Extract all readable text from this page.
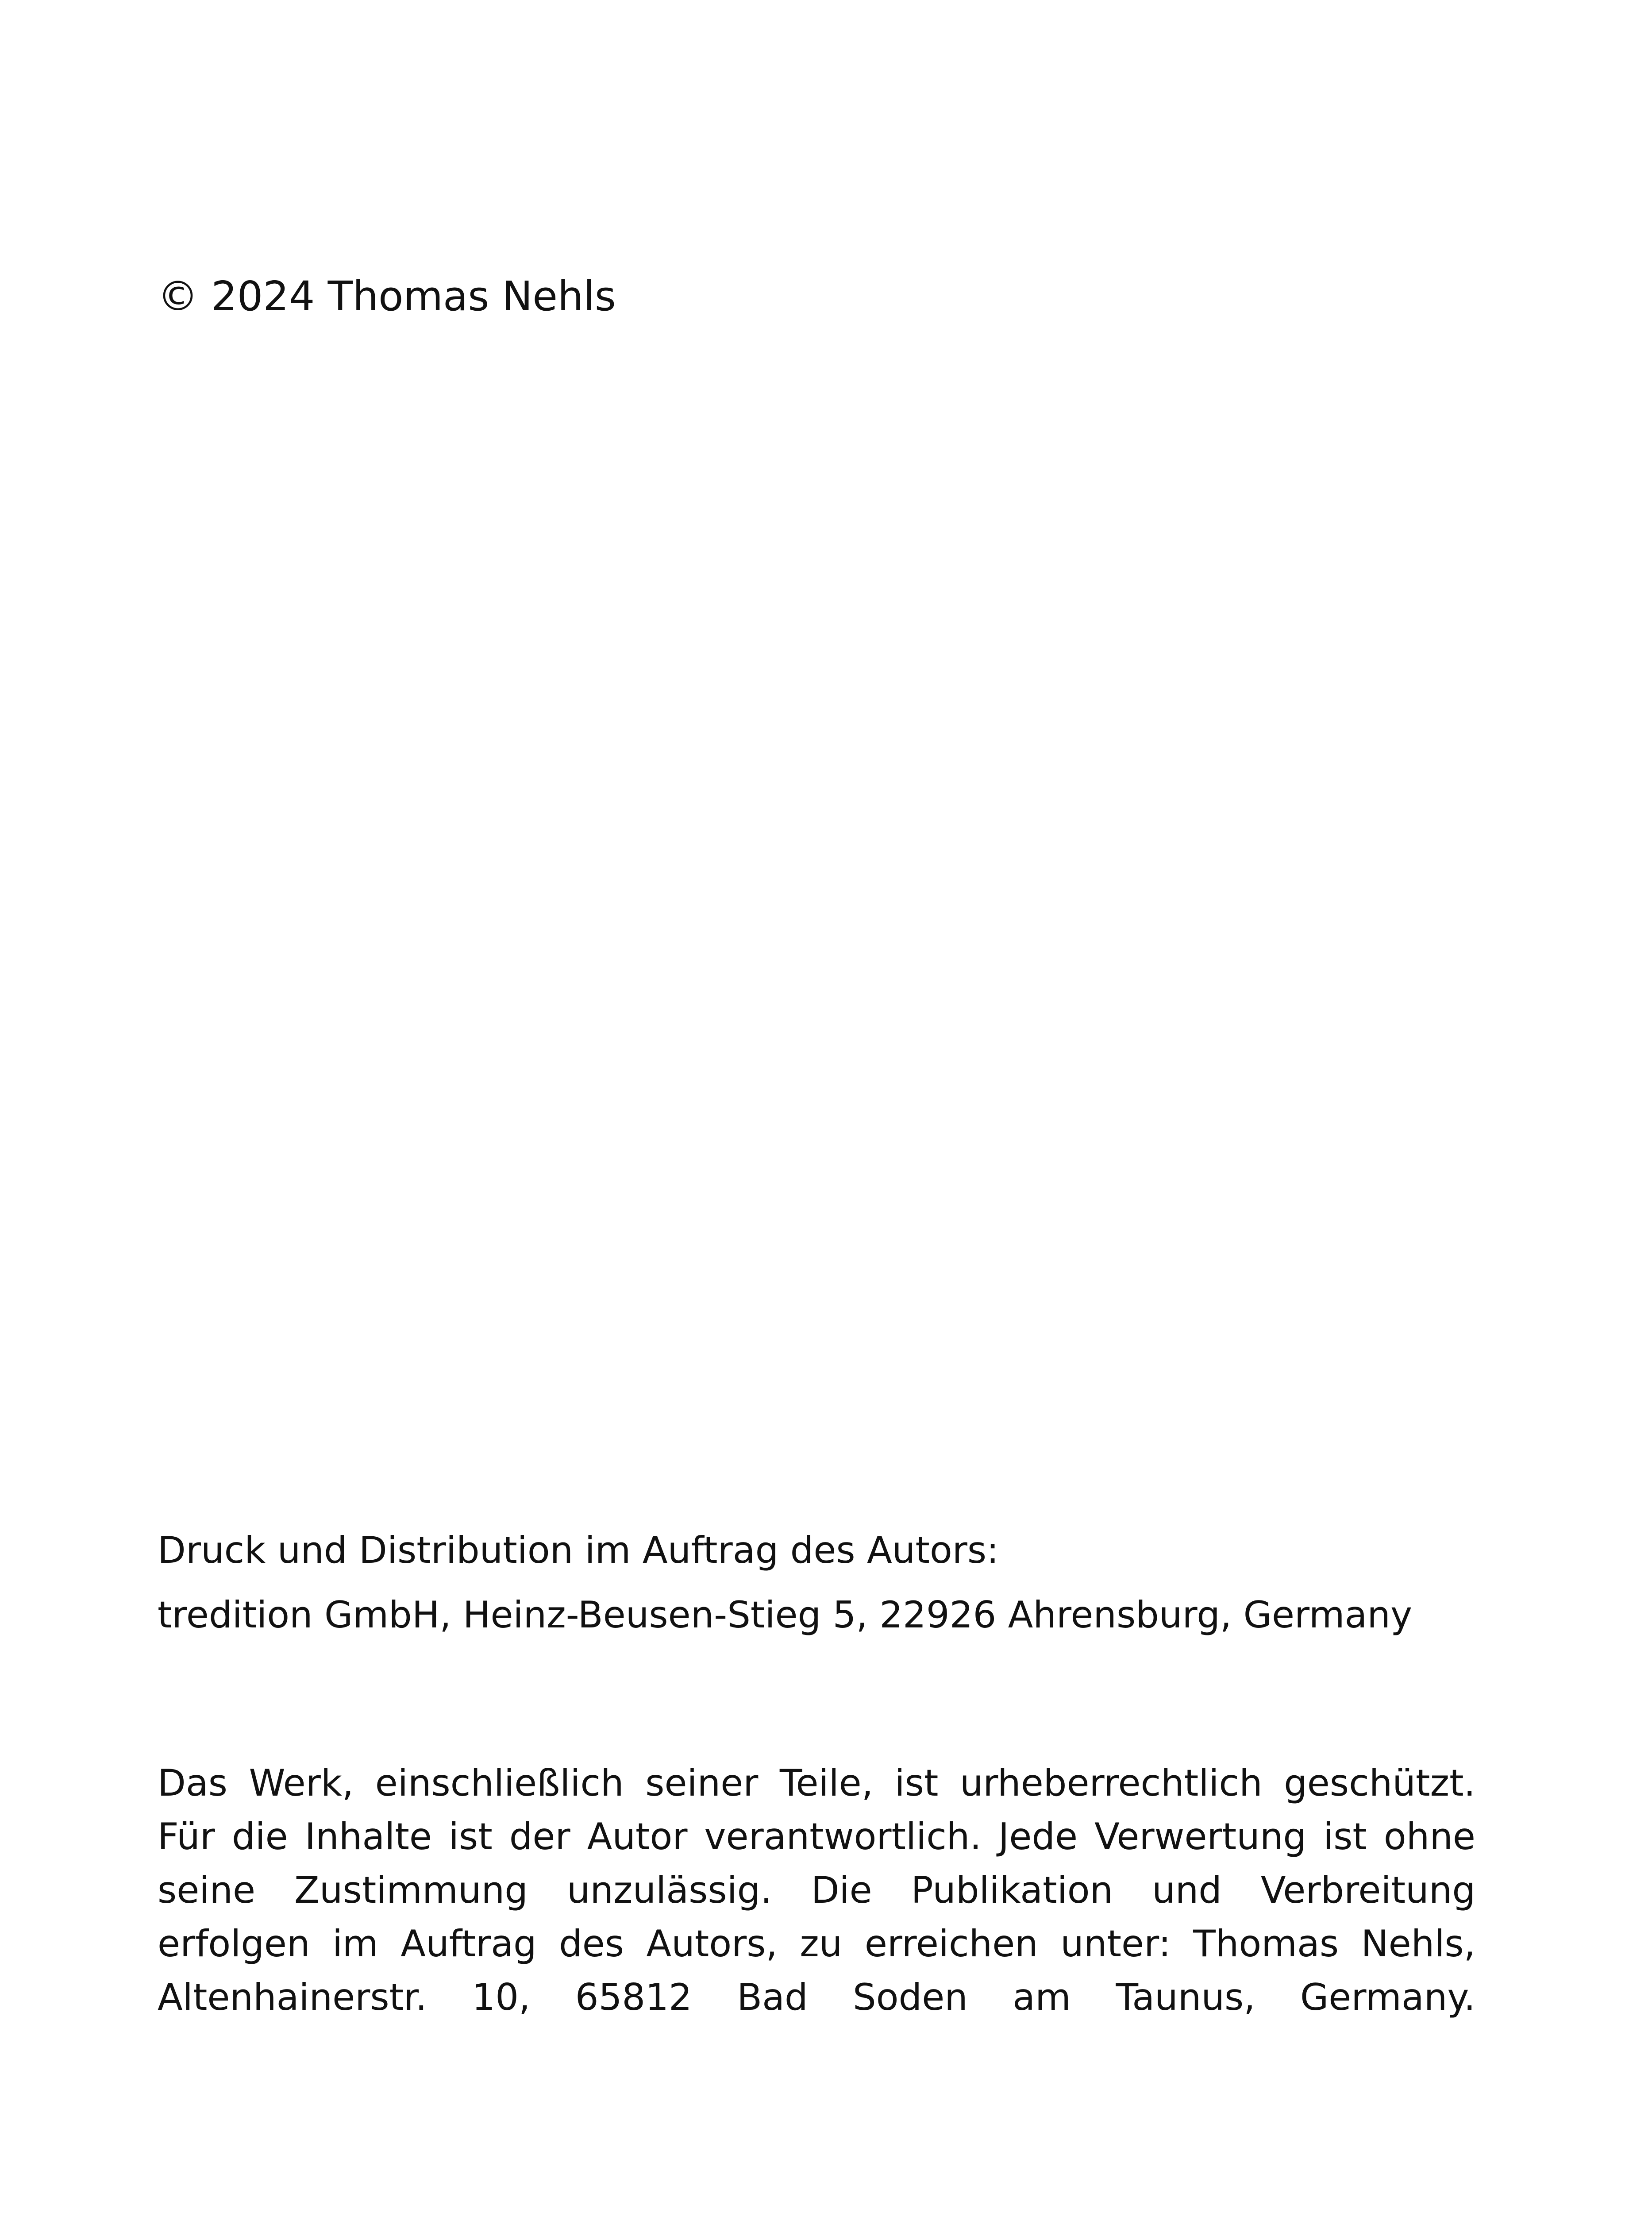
© 2024 Thomas Nehls
Druck und Distribution im Auftrag des Autors:
tredition GmbH, Heinz-Beusen-Stieg 5, 22926 Ahrensburg, Germany

Das Werk, einschließlich seiner Teile, ist urheberrechtlich geschützt. Für die Inhalte ist der Autor verantwortlich. Jede Verwertung ist ohne seine Zustimmung unzulässig. Die Publikation und Verbreitung erfolgen im Auftrag des Autors, zu erreichen unter: Thomas Nehls, Altenhainerstr. 10, 65812 Bad Soden am Taunus, Germany.
